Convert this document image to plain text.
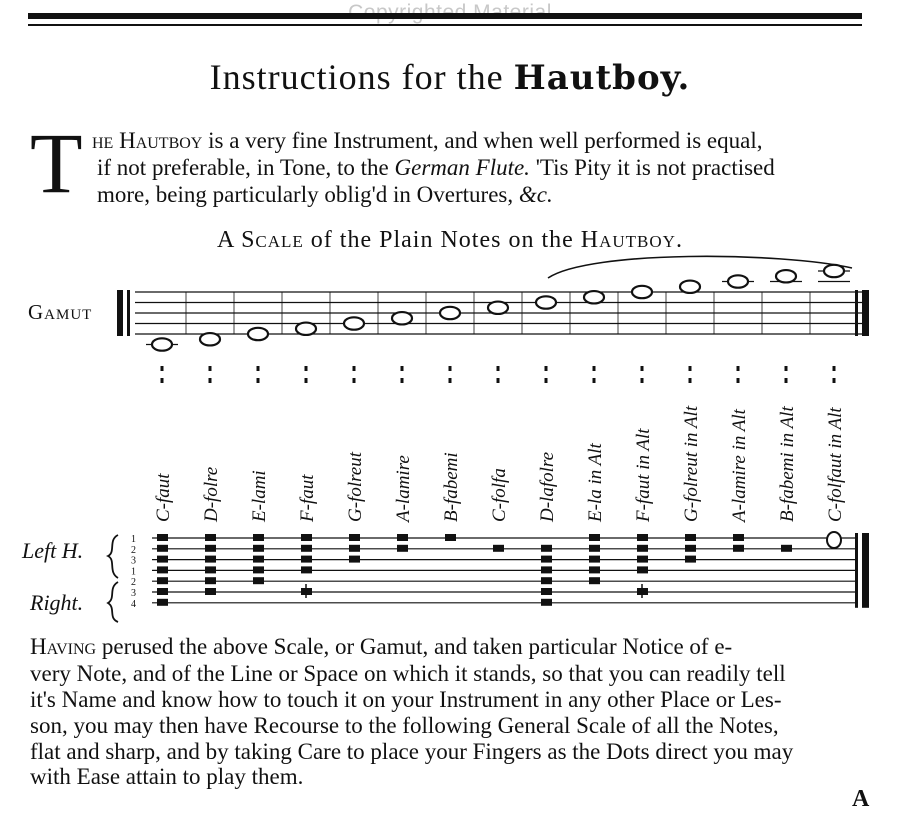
Instructions for the Hautboy.
T he Hautboy is a very fine Instrument, and when well performed is equal,
if not preferable, in Tone, to the German Flute. 'Tis Pity it is not practised
more, being particularly oblig'd in Overtures, &c.
A Scale of the Plain Notes on the Hautboy.
Gamut
Left H.
Right.
C-faut D-folre E-lami F-faut G-folreut A-lamire B-fabemi C-folfa D-lafolre E-la in Alt F-faut in Alt G-folreut in Alt A-lamire in Alt B-fabemi in Alt C-folfaut in Alt
1
2
3
1
2
3
4
Having perused the above Scale, or Gamut, and taken particular Notice of e-
very Note, and of the Line or Space on which it stands, so that you can readily tell
it's Name and know how to touch it on your Instrument in any other Place or Les-
son, you may then have Recourse to the following General Scale of all the Notes,
flat and sharp, and by taking Care to place your Fingers as the Dots direct you may
with Ease attain to play them.
A
